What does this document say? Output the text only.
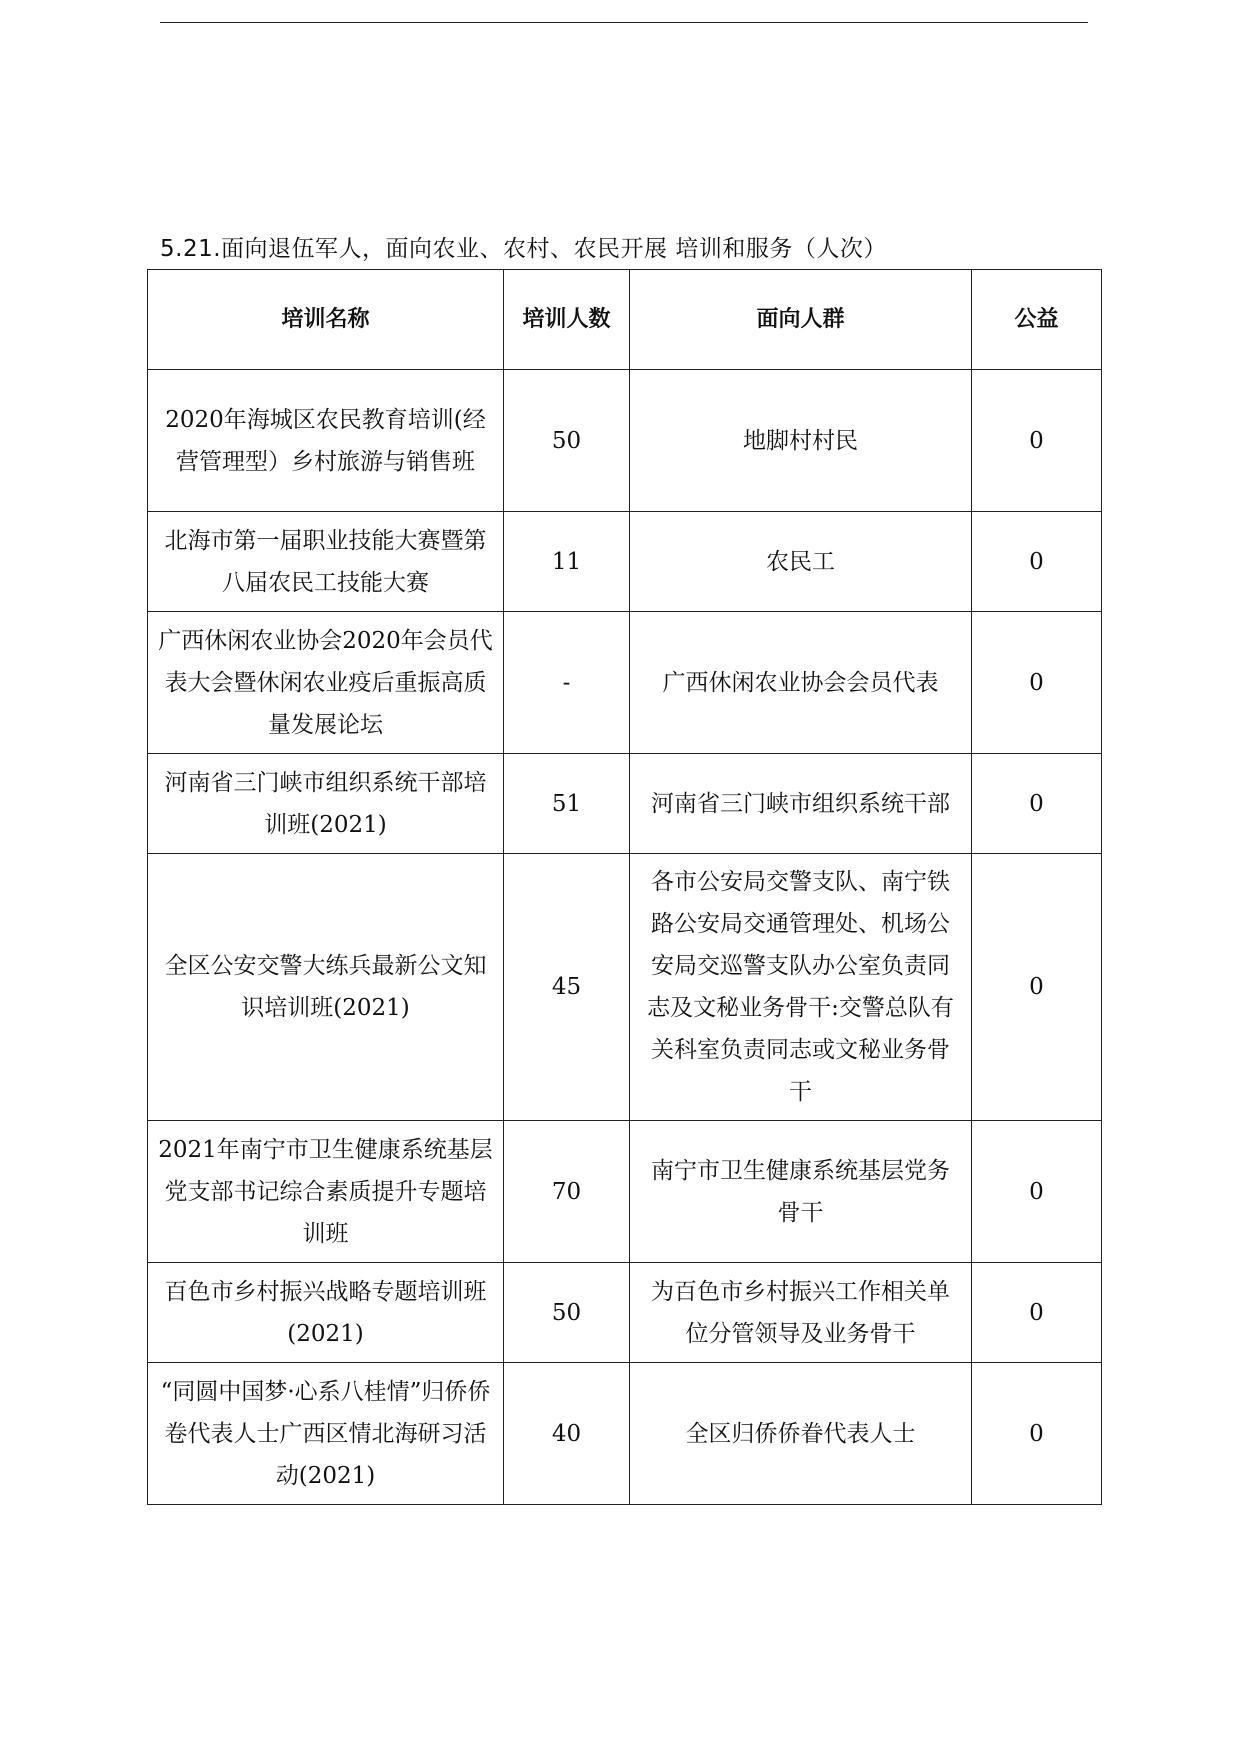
5.21.面向退伍军人，面向农业、农村、农民开展 培训和服务（人次）
培训名称	培训人数	面向人群	公益
2020年海城区农民教育培训(经营管理型）乡村旅游与销售班	50	地脚村村民	0
北海市第一届职业技能大赛暨第八届农民工技能大赛	11	农民工	0
广西休闲农业协会2020年会员代表大会暨休闲农业疫后重振高质量发展论坛	-	广西休闲农业协会会员代表	0
河南省三门峡市组织系统干部培训班(2021)	51	河南省三门峡市组织系统干部	0
全区公安交警大练兵最新公文知识培训班(2021)	45	各市公安局交警支队、南宁铁路公安局交通管理处、机场公安局交巡警支队办公室负责同志及文秘业务骨干:交警总队有关科室负责同志或文秘业务骨干	0
2021年南宁市卫生健康系统基层党支部书记综合素质提升专题培训班	70	南宁市卫生健康系统基层党务骨干	0
百色市乡村振兴战略专题培训班(2021)	50	为百色市乡村振兴工作相关单位分管领导及业务骨干	0
“同圆中国梦·心系八桂情”归侨侨卷代表人士广西区情北海研习活动(2021)	40	全区归侨侨眷代表人士	0
